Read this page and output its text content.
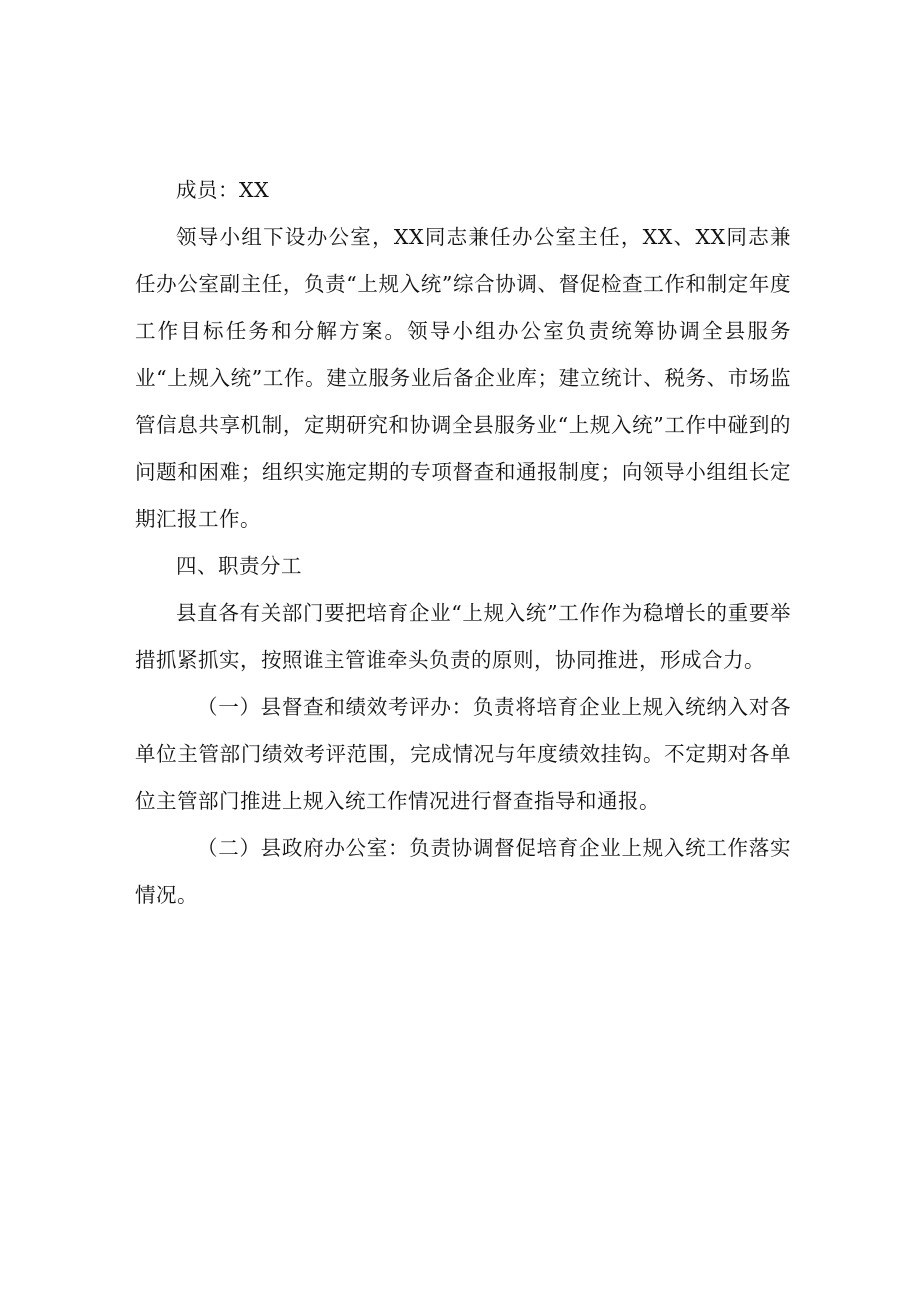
成员：XX

领导小组下设办公室，XX同志兼任办公室主任，XX、XX同志兼任办公室副主任，负责“上规入统”综合协调、督促检查工作和制定年度工作目标任务和分解方案。领导小组办公室负责统筹协调全县服务业“上规入统”工作。建立服务业后备企业库；建立统计、税务、市场监管信息共享机制，定期研究和协调全县服务业“上规入统”工作中碰到的问题和困难；组织实施定期的专项督查和通报制度；向领导小组组长定期汇报工作。

四、职责分工

县直各有关部门要把培育企业“上规入统”工作作为稳增长的重要举措抓紧抓实，按照谁主管谁牵头负责的原则，协同推进，形成合力。

（一）县督查和绩效考评办：负责将培育企业上规入统纳入对各单位主管部门绩效考评范围，完成情况与年度绩效挂钩。不定期对各单位主管部门推进上规入统工作情况进行督查指导和通报。

（二）县政府办公室：负责协调督促培育企业上规入统工作落实情况。
